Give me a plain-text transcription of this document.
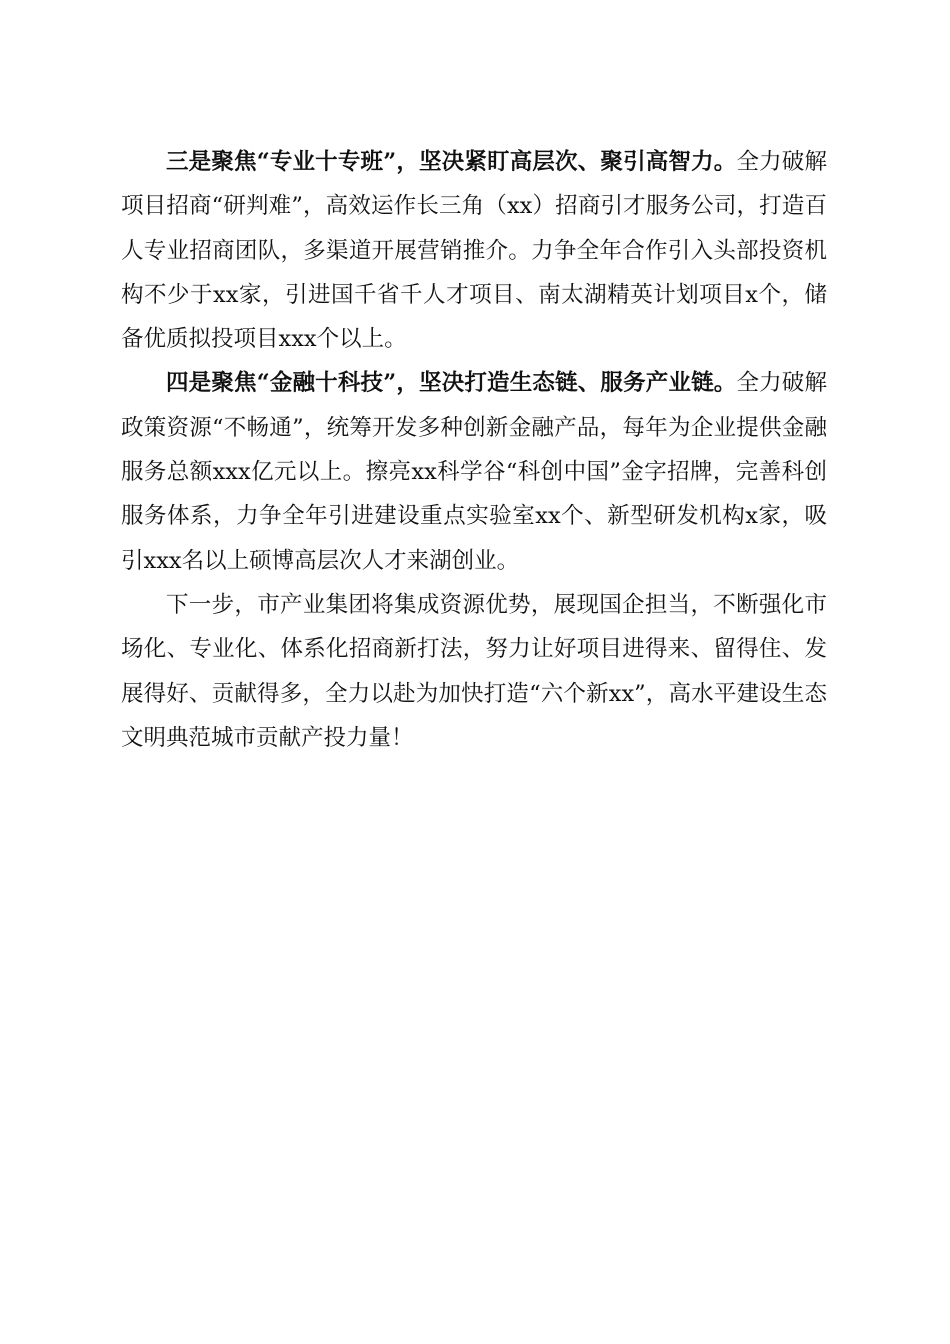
三是聚焦“专业十专班”，坚决紧盯高层次、聚引高智力。全力破解项目招商“研判难”，高效运作长三角（xx）招商引才服务公司，打造百人专业招商团队，多渠道开展营销推介。力争全年合作引入头部投资机构不少于xx家，引进国千省千人才项目、南太湖精英计划项目x个，储备优质拟投项目xxx个以上。

四是聚焦“金融十科技”，坚决打造生态链、服务产业链。全力破解政策资源“不畅通”，统筹开发多种创新金融产品，每年为企业提供金融服务总额xxx亿元以上。擦亮xx科学谷“科创中国”金字招牌，完善科创服务体系，力争全年引进建设重点实验室xx个、新型研发机构x家，吸引xxx名以上硕博高层次人才来湖创业。

下一步，市产业集团将集成资源优势，展现国企担当，不断强化市场化、专业化、体系化招商新打法，努力让好项目进得来、留得住、发展得好、贡献得多，全力以赴为加快打造“六个新xx”，高水平建设生态文明典范城市贡献产投力量！
